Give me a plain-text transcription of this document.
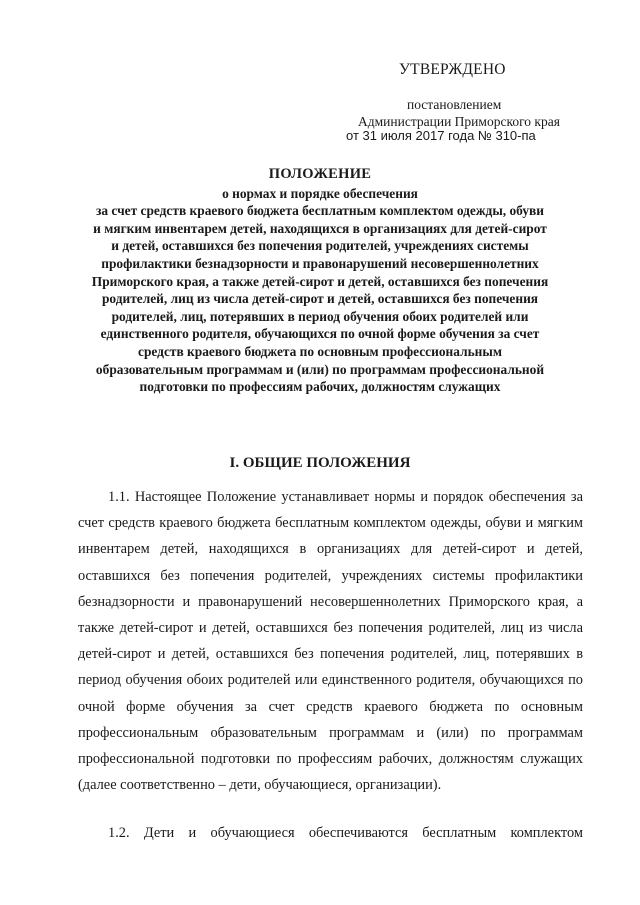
УТВЕРЖДЕНО
постановлением
Администрации Приморского края
от 31 июля 2017 года № 310-па
ПОЛОЖЕНИЕ
о нормах и порядке обеспечения
за счет средств краевого бюджета бесплатным комплектом одежды, обуви
и мягким инвентарем детей, находящихся в организациях для детей-сирот
и детей, оставшихся без попечения родителей, учреждениях системы
профилактики безнадзорности и правонарушений несовершеннолетних
Приморского края, а также детей-сирот и детей, оставшихся без попечения
родителей, лиц из числа детей-сирот и детей, оставшихся без попечения
родителей, лиц, потерявших в период обучения обоих родителей или
единственного родителя, обучающихся по очной форме обучения за счет
средств краевого бюджета по основным профессиональным
образовательным программам и (или) по программам профессиональной
подготовки по профессиям рабочих, должностям служащих
I. ОБЩИЕ ПОЛОЖЕНИЯ

1.1. Настоящее Положение устанавливает нормы и порядок обеспечения за счет средств краевого бюджета бесплатным комплектом одежды, обуви и мягким инвентарем детей, находящихся в организациях для детей-сирот и детей, оставшихся без попечения родителей, учреждениях системы профилактики безнадзорности и правонарушений несовершеннолетних Приморского края, а также детей-сирот и детей, оставшихся без попечения родителей, лиц из числа детей-сирот и детей, оставшихся без попечения родителей, лиц, потерявших в период обучения обоих родителей или единственного родителя, обучающихся по очной форме обучения за счет средств краевого бюджета по основным профессиональным образовательным программам и (или) по программам профессиональной подготовки по профессиям рабочих, должностям служащих (далее соответственно – дети, обучающиеся, организации).

1.2. Дети и обучающиеся обеспечиваются бесплатным комплектом
